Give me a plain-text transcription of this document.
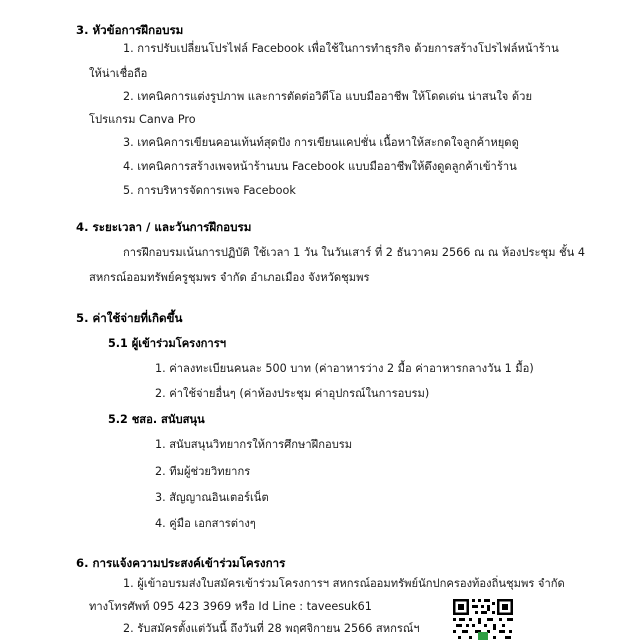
3. หัวข้อการฝึกอบรม
1. การปรับเปลี่ยนโปรไฟล์ Facebook เพื่อใช้ในการทำธุรกิจ ด้วยการสร้างโปรไฟล์หน้าร้าน
ให้น่าเชื่อถือ
2. เทคนิคการแต่งรูปภาพ และการตัดต่อวิดีโอ แบบมืออาชีพ ให้โดดเด่น น่าสนใจ ด้วย
โปรแกรม Canva Pro
3. เทคนิคการเขียนคอนเท้นท์สุดปัง การเขียนแคปชั่น เนื้อหาให้สะกดใจลูกค้าหยุดดู
4. เทคนิคการสร้างเพจหน้าร้านบน Facebook แบบมืออาชีพให้ดึงดูดลูกค้าเข้าร้าน
5. การบริหารจัดการเพจ Facebook
4. ระยะเวลา / และวันการฝึกอบรม
การฝึกอบรมเน้นการปฏิบัติ ใช้เวลา 1 วัน ในวันเสาร์ ที่ 2 ธันวาคม 2566 ณ ณ ห้องประชุม ชั้น 4
สหกรณ์ออมทรัพย์ครูชุมพร จำกัด อำเภอเมือง จังหวัดชุมพร
5. ค่าใช้จ่ายที่เกิดขึ้น
5.1 ผู้เข้าร่วมโครงการฯ
1. ค่าลงทะเบียนคนละ 500 บาท (ค่าอาหารว่าง 2 มื้อ ค่าอาหารกลางวัน 1 มื้อ)
2. ค่าใช้จ่ายอื่นๆ (ค่าห้องประชุม ค่าอุปกรณ์ในการอบรม)
5.2 ชสอ. สนับสนุน
1. สนับสนุนวิทยากรให้การศึกษาฝึกอบรม
2. ทีมผู้ช่วยวิทยากร
3. สัญญาณอินเตอร์เน็ต
4. คู่มือ เอกสารต่างๆ
6. การแจ้งความประสงค์เข้าร่วมโครงการ
1. ผู้เข้าอบรมส่งใบสมัครเข้าร่วมโครงการฯ สหกรณ์ออมทรัพย์นักปกครองท้องถิ่นชุมพร จำกัด
ทางโทรศัพท์ 095 423 3969 หรือ Id Line : taveesuk61
2. รับสมัครตั้งแต่วันนี้ ถึงวันที่ 28 พฤศจิกายน 2566 สหกรณ์ฯ
